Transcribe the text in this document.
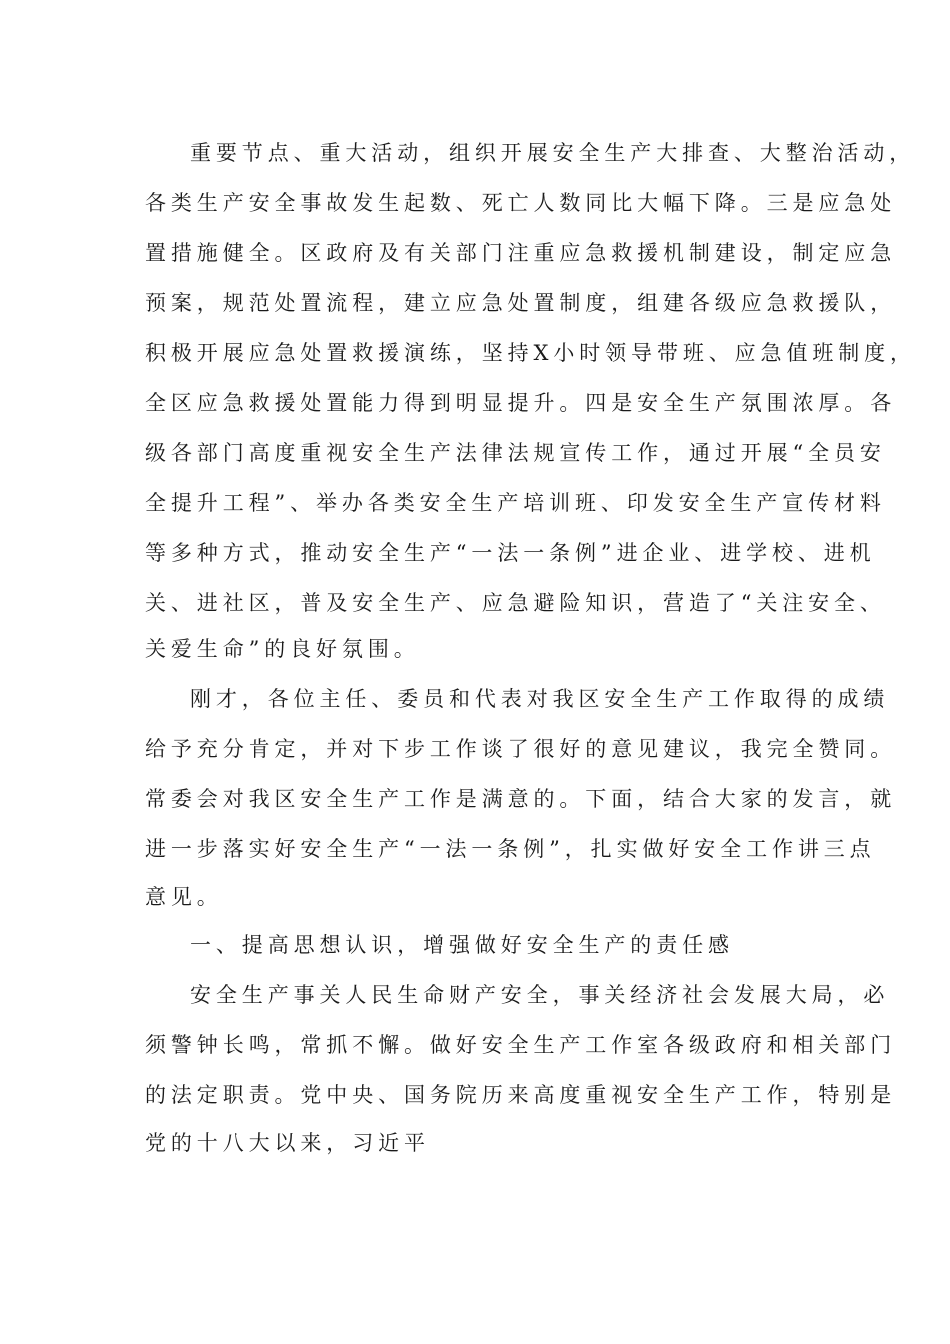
重要节点、重大活动，组织开展安全生产大排查、大整治活动，
各类生产安全事故发生起数、死亡人数同比大幅下降。三是应急处
置措施健全。区政府及有关部门注重应急救援机制建设，制定应急
预案，规范处置流程，建立应急处置制度，组建各级应急救援队，
积极开展应急处置救援演练，坚持X小时领导带班、应急值班制度，
全区应急救援处置能力得到明显提升。四是安全生产氛围浓厚。各
级各部门高度重视安全生产法律法规宣传工作，通过开展“全员安
全提升工程”、举办各类安全生产培训班、印发安全生产宣传材料
等多种方式，推动安全生产“一法一条例”进企业、进学校、进机
关、进社区，普及安全生产、应急避险知识，营造了“关注安全、
关爱生命”的良好氛围。
刚才，各位主任、委员和代表对我区安全生产工作取得的成绩
给予充分肯定，并对下步工作谈了很好的意见建议，我完全赞同。
常委会对我区安全生产工作是满意的。下面，结合大家的发言，就
进一步落实好安全生产“一法一条例”，扎实做好安全工作讲三点
意见。
一、提高思想认识，增强做好安全生产的责任感
安全生产事关人民生命财产安全，事关经济社会发展大局，必
须警钟长鸣，常抓不懈。做好安全生产工作室各级政府和相关部门
的法定职责。党中央、国务院历来高度重视安全生产工作，特别是
党的十八大以来，习近平
